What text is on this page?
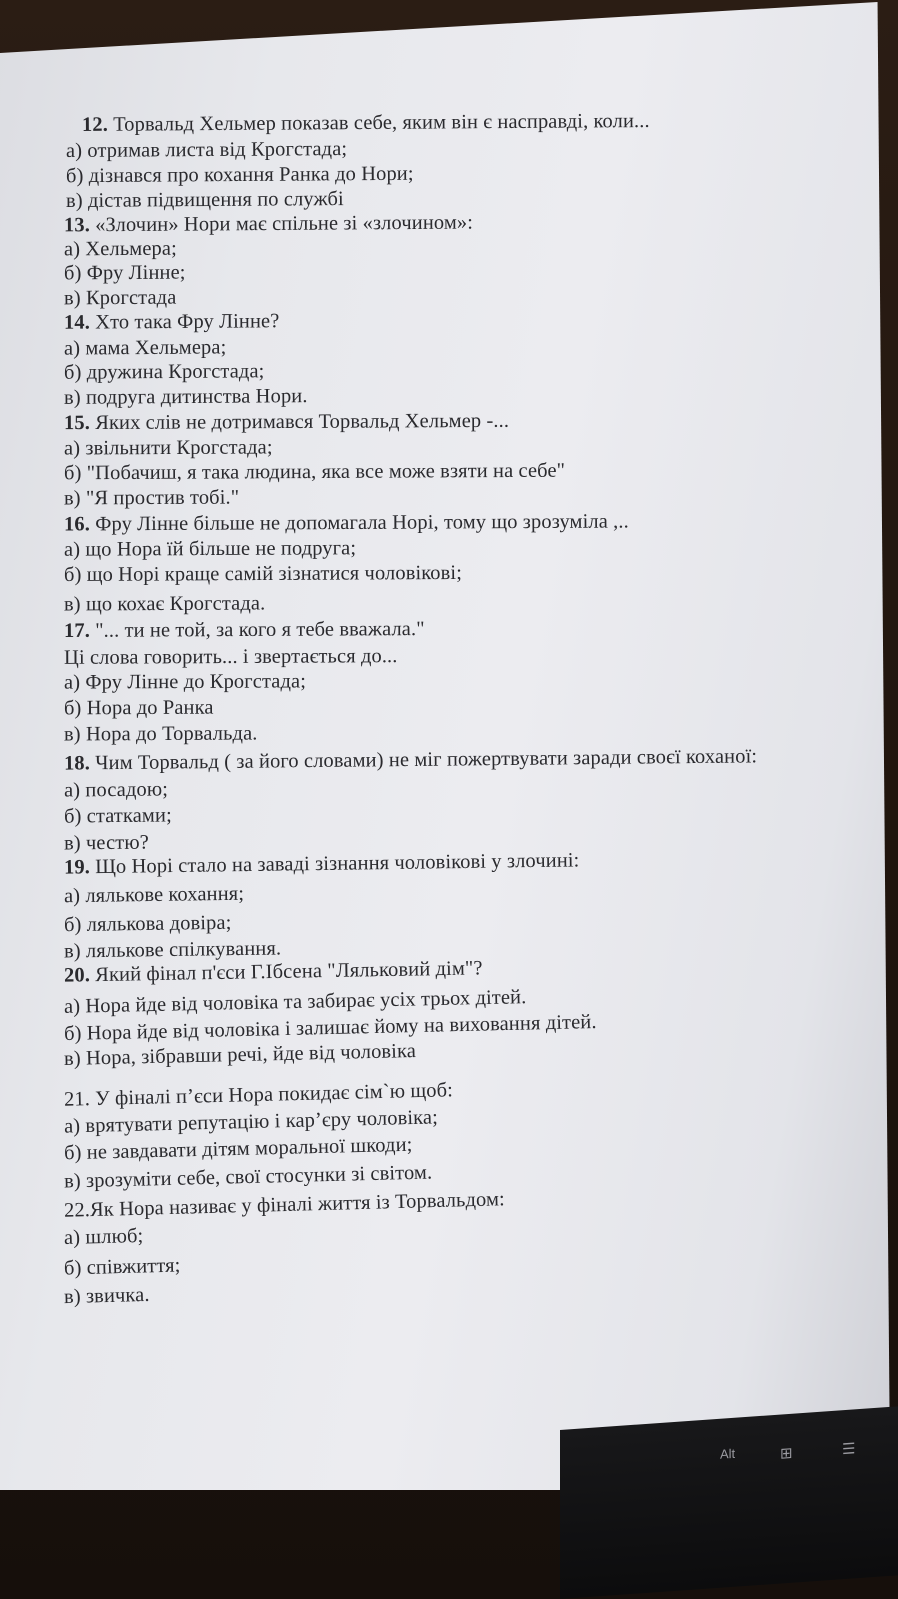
Alt	⊞	☰
12. Торвальд Хельмер показав себе, яким він є насправді, коли...
а) отримав листа від Крогстада;
б) дізнався про кохання Ранка до Нори;
в) дістав підвищення по службі
13. «Злочин» Нори має спільне зі «злочином»:
а) Хельмера;
б) Фру Лінне;
в) Крогстада
14. Хто така Фру Лінне?
а) мама Хельмера;
б) дружина Крогстада;
в) подруга дитинства Нори.
15. Яких слів не дотримався Торвальд Хельмер -...
а) звільнити Крогстада;
б) "Побачиш, я така людина, яка все може взяти на себе"
в) "Я простив тобі."
16. Фру Лінне більше не допомагала Норі, тому що зрозуміла ,..
а) що Нора їй більше не подруга;
б) що Норі краще самій зізнатися чоловікові;
в) що кохає Крогстада.
17. "... ти не той, за кого я тебе вважала."
Ці слова говорить... і звертається до...
а) Фру Лінне до Крогстада;
б) Нора до Ранка
в) Нора до Торвальда.
18. Чим Торвальд ( за його словами) не міг пожертвувати заради своєї коханої:
а) посадою;
б) статками;
в) честю?
19. Що Норі стало на заваді зізнання чоловікові у злочині:
а) лялькове кохання;
б) лялькова довіра;
в) лялькове спілкування.
20. Який фінал п'єси Г.Ібсена "Ляльковий дім"?
а) Нора йде від чоловіка та забирає усіх трьох дітей.
б) Нора йде від чоловіка і залишає йому на виховання дітей.
в) Нора, зібравши речі, йде від чоловіка
21. У фіналі п’єси Нора покидає сім`ю щоб:
а) врятувати репутацію і кар’єру чоловіка;
б) не завдавати дітям моральної шкоди;
в) зрозуміти себе, свої стосунки зі світом.
22.Як Нора називає у фіналі життя із Торвальдом:
а) шлюб;
б) співжиття;
в) звичка.
